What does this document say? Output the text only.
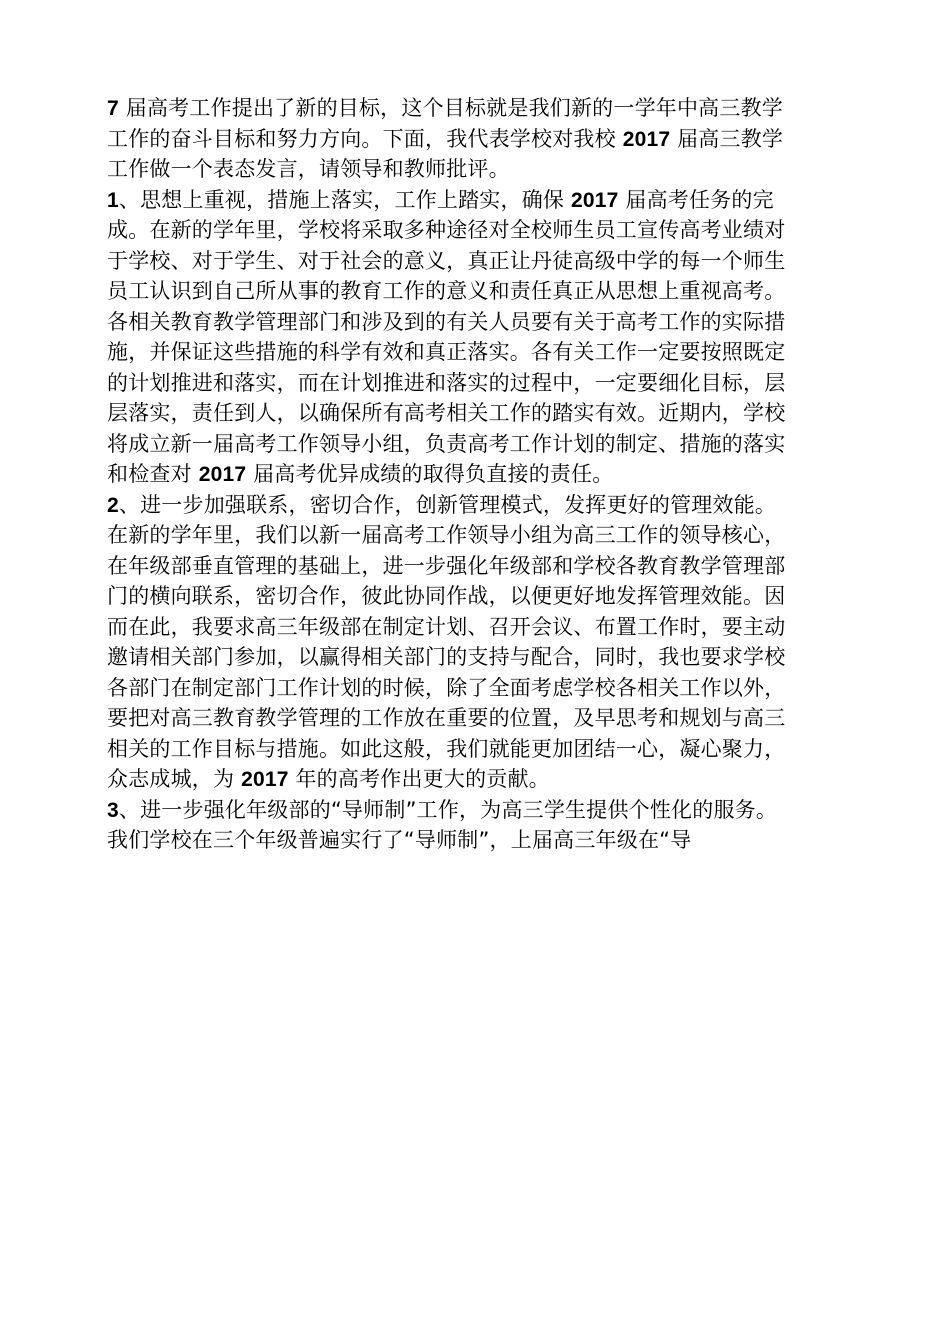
7 届高考工作提出了新的目标，这个目标就是我们新的一学年中高三教学
工作的奋斗目标和努力方向。下面，我代表学校对我校 2017 届高三教学
工作做一个表态发言，请领导和教师批评。
1、思想上重视，措施上落实，工作上踏实，确保 2017 届高考任务的完
成。在新的学年里，学校将采取多种途径对全校师生员工宣传高考业绩对
于学校、对于学生、对于社会的意义，真正让丹徒高级中学的每一个师生
员工认识到自己所从事的教育工作的意义和责任真正从思想上重视高考。
各相关教育教学管理部门和涉及到的有关人员要有关于高考工作的实际措
施，并保证这些措施的科学有效和真正落实。各有关工作一定要按照既定
的计划推进和落实，而在计划推进和落实的过程中，一定要细化目标，层
层落实，责任到人，以确保所有高考相关工作的踏实有效。近期内，学校
将成立新一届高考工作领导小组，负责高考工作计划的制定、措施的落实
和检查对 2017 届高考优异成绩的取得负直接的责任。
2、进一步加强联系，密切合作，创新管理模式，发挥更好的管理效能。
在新的学年里，我们以新一届高考工作领导小组为高三工作的领导核心，
在年级部垂直管理的基础上，进一步强化年级部和学校各教育教学管理部
门的横向联系，密切合作，彼此协同作战，以便更好地发挥管理效能。因
而在此，我要求高三年级部在制定计划、召开会议、布置工作时，要主动
邀请相关部门参加，以赢得相关部门的支持与配合，同时，我也要求学校
各部门在制定部门工作计划的时候，除了全面考虑学校各相关工作以外，
要把对高三教育教学管理的工作放在重要的位置，及早思考和规划与高三
相关的工作目标与措施。如此这般，我们就能更加团结一心，凝心聚力，
众志成城，为 2017 年的高考作出更大的贡献。
3、进一步强化年级部的“导师制”工作，为高三学生提供个性化的服务。
我们学校在三个年级普遍实行了“导师制”，上届高三年级在“导
